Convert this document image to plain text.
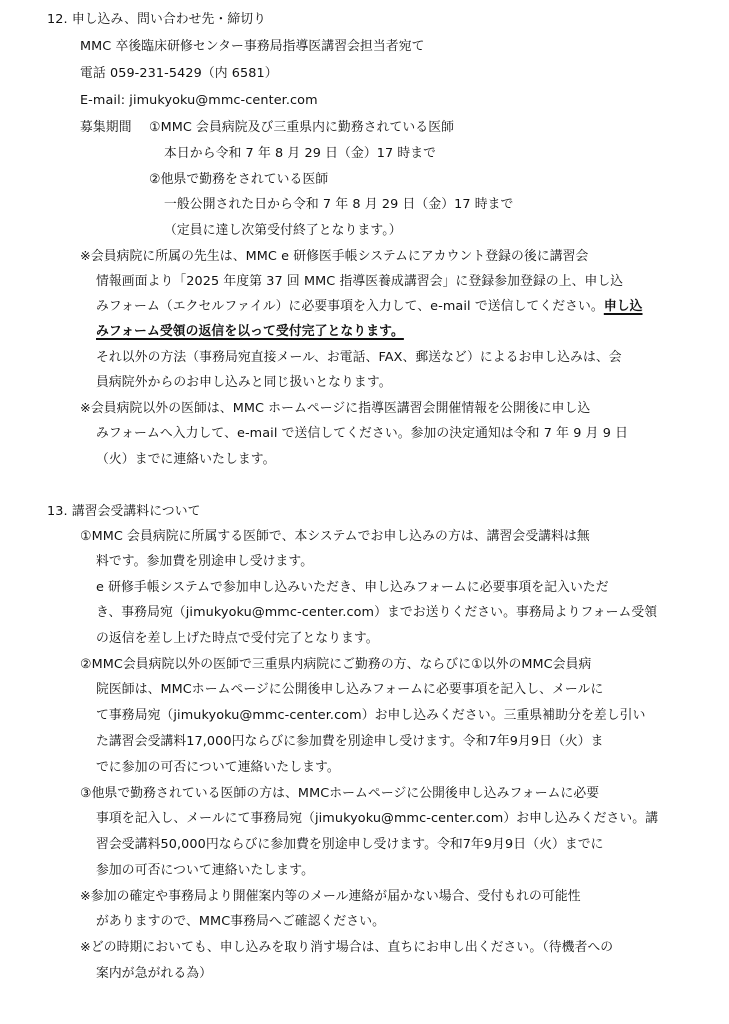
12. 申し込み、問い合わせ先・締切り
MMC 卒後臨床研修センター事務局指導医講習会担当者宛て
電話 059-231-5429（内 6581）
E-mail: jimukyoku@mmc-center.com
募集期間 ①MMC 会員病院及び三重県内に勤務されている医師
本日から令和 7 年 8 月 29 日（金）17 時まで
②他県で勤務をされている医師
一般公開された日から令和 7 年 8 月 29 日（金）17 時まで
（定員に達し次第受付終了となります。）
※会員病院に所属の先生は、MMC e 研修医手帳システムにアカウント登録の後に講習会
情報画面より「2025 年度第 37 回 MMC 指導医養成講習会」に登録参加登録の上、申し込
みフォーム（エクセルファイル）に必要事項を入力して、e-mail で送信してください。申し込
みフォーム受領の返信を以って受付完了となります。
それ以外の方法（事務局宛直接メール、お電話、FAX、郵送など）によるお申し込みは、会
員病院外からのお申し込みと同じ扱いとなります。
※会員病院以外の医師は、MMC ホームページに指導医講習会開催情報を公開後に申し込
みフォームへ入力して、e-mail で送信してください。参加の決定通知は令和 7 年 9 月 9 日
（火）までに連絡いたします。
13. 講習会受講料について
①MMC 会員病院に所属する医師で、本システムでお申し込みの方は、講習会受講料は無
料です。参加費を別途申し受けます。
e 研修手帳システムで参加申し込みいただき、申し込みフォームに必要事項を記入いただ
き、事務局宛（jimukyoku@mmc-center.com）までお送りください。事務局よりフォーム受領
の返信を差し上げた時点で受付完了となります。
②MMC会員病院以外の医師で三重県内病院にご勤務の方、ならびに①以外のMMC会員病
院医師は、MMCホームページに公開後申し込みフォームに必要事項を記入し、メールに
て事務局宛（jimukyoku@mmc-center.com）お申し込みください。三重県補助分を差し引い
た講習会受講料17,000円ならびに参加費を別途申し受けます。令和7年9月9日（火）ま
でに参加の可否について連絡いたします。
③他県で勤務されている医師の方は、MMCホームページに公開後申し込みフォームに必要
事項を記入し、メールにて事務局宛（jimukyoku@mmc-center.com）お申し込みください。講
習会受講料50,000円ならびに参加費を別途申し受けます。令和7年9月9日（火）までに
参加の可否について連絡いたします。
※参加の確定や事務局より開催案内等のメール連絡が届かない場合、受付もれの可能性
がありますので、MMC事務局へご確認ください。
※どの時期においても、申し込みを取り消す場合は、直ちにお申し出ください。（待機者への
案内が急がれる為）
